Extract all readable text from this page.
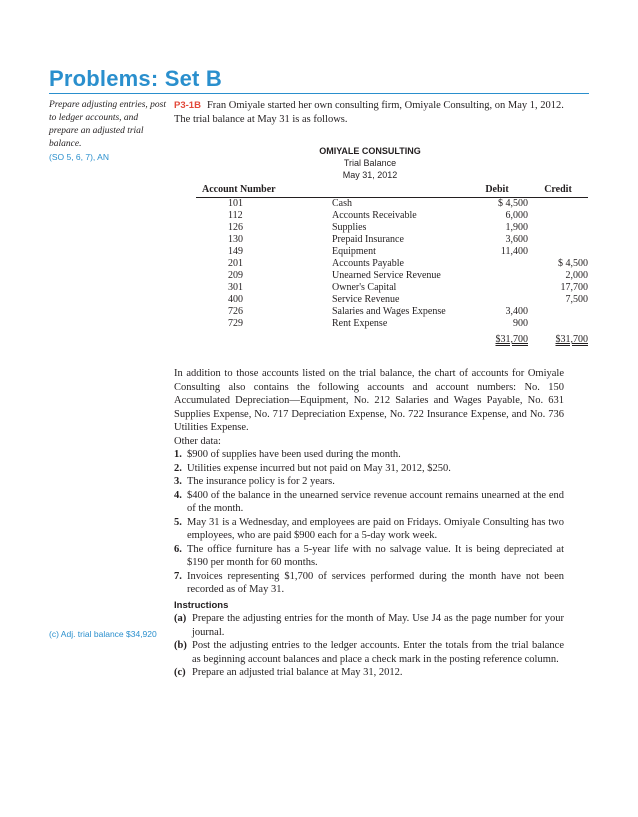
Problems: Set B
Prepare adjusting entries, post to ledger accounts, and prepare an adjusted trial balance.
(SO 5, 6, 7), AN
P3-1B Fran Omiyale started her own consulting firm, Omiyale Consulting, on May 1, 2012. The trial balance at May 31 is as follows.
OMIYALE CONSULTING
Trial Balance
May 31, 2012
Account Number		Debit	Credit
101	Cash	$ 4,500	
112	Accounts Receivable	6,000	
126	Supplies	1,900	
130	Prepaid Insurance	3,600	
149	Equipment	11,400	
201	Accounts Payable		$ 4,500
209	Unearned Service Revenue		2,000
301	Owner's Capital		17,700
400	Service Revenue		7,500
726	Salaries and Wages Expense	3,400	
729	Rent Expense	900	
		$31,700	$31,700

In addition to those accounts listed on the trial balance, the chart of accounts for Omiyale Consulting also contains the following accounts and account numbers: No. 150 Accumulated Depreciation—Equipment, No. 212 Salaries and Wages Payable, No. 631 Supplies Expense, No. 717 Depreciation Expense, No. 722 Insurance Expense, and No. 736 Utilities Expense.

Other data:

1. $900 of supplies have been used during the month.
2. Utilities expense incurred but not paid on May 31, 2012, $250.
3. The insurance policy is for 2 years.
4. $400 of the balance in the unearned service revenue account remains unearned at the end of the month.
5. May 31 is a Wednesday, and employees are paid on Fridays. Omiyale Consulting has two employees, who are paid $900 each for a 5-day work week.
6. The office furniture has a 5-year life with no salvage value. It is being depreciated at $190 per month for 60 months.
7. Invoices representing $1,700 of services performed during the month have not been recorded as of May 31.
Instructions
(a) Prepare the adjusting entries for the month of May. Use J4 as the page number for your journal.
(b) Post the adjusting entries to the ledger accounts. Enter the totals from the trial balance as beginning account balances and place a check mark in the posting reference column.
(c) Prepare an adjusted trial balance at May 31, 2012.
(c) Adj. trial balance $34,920
